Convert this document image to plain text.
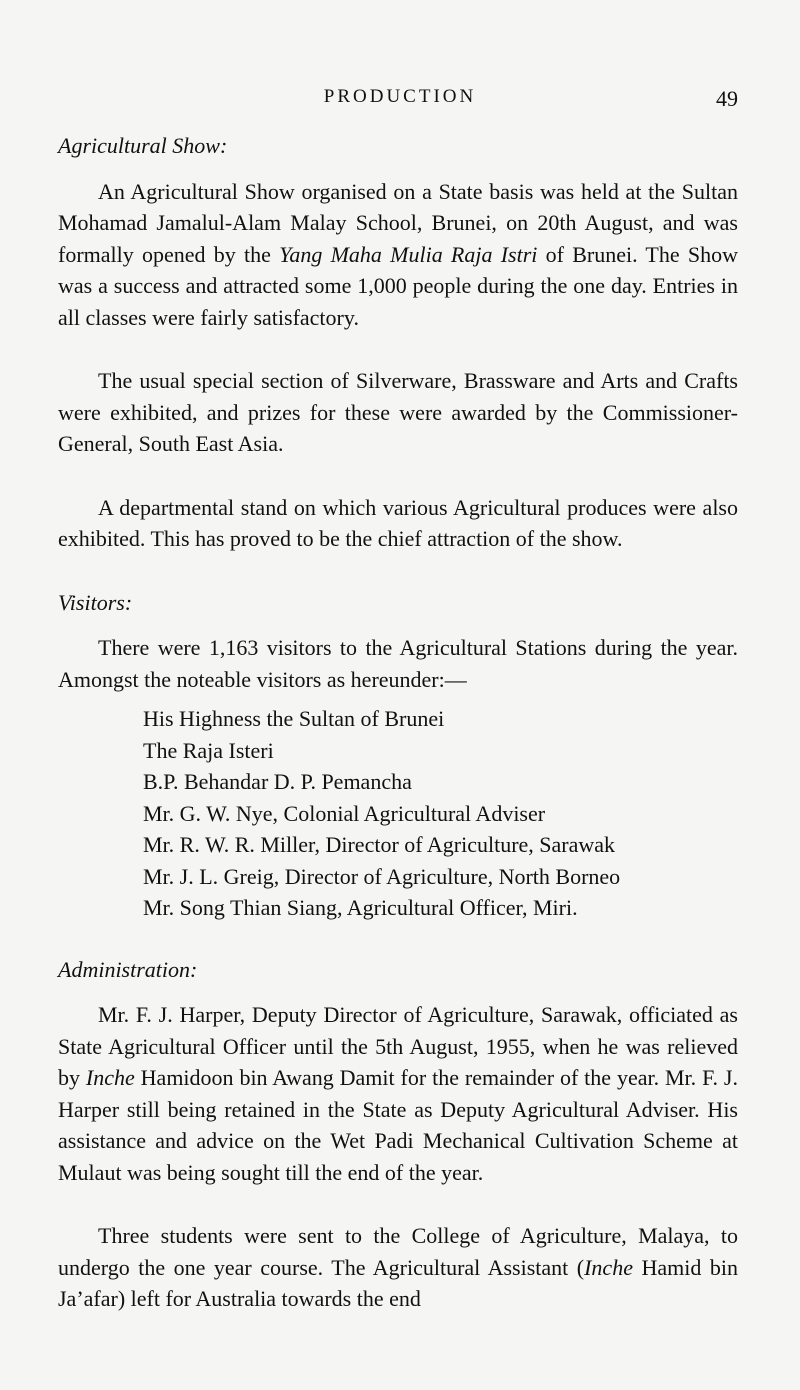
PRODUCTION	49
Agricultural Show:

An Agricultural Show organised on a State basis was held at the Sultan Mohamad Jamalul-Alam Malay School, Brunei, on 20th August, and was formally opened by the Yang Maha Mulia Raja Istri of Brunei. The Show was a success and attracted some 1,000 people during the one day. Entries in all classes were fairly satisfactory.

The usual special section of Silverware, Brassware and Arts and Crafts were exhibited, and prizes for these were awarded by the Commissioner-General, South East Asia.

A departmental stand on which various Agricultural produces were also exhibited. This has proved to be the chief attraction of the show.

Visitors:

There were 1,163 visitors to the Agricultural Stations during the year. Amongst the noteable visitors as hereunder:—

His Highness the Sultan of Brunei
The Raja Isteri
B.P. Behandar D. P. Pemancha
Mr. G. W. Nye, Colonial Agricultural Adviser
Mr. R. W. R. Miller, Director of Agriculture, Sarawak
Mr. J. L. Greig, Director of Agriculture, North Borneo
Mr. Song Thian Siang, Agricultural Officer, Miri.
Administration:

Mr. F. J. Harper, Deputy Director of Agriculture, Sarawak, officiated as State Agricultural Officer until the 5th August, 1955, when he was relieved by Inche Hamidoon bin Awang Damit for the remainder of the year. Mr. F. J. Harper still being retained in the State as Deputy Agricultural Adviser. His assistance and advice on the Wet Padi Mechanical Cultivation Scheme at Mulaut was being sought till the end of the year.

Three students were sent to the College of Agriculture, Malaya, to undergo the one year course. The Agricultural Assistant (Inche Hamid bin Ja’afar) left for Australia towards the end
